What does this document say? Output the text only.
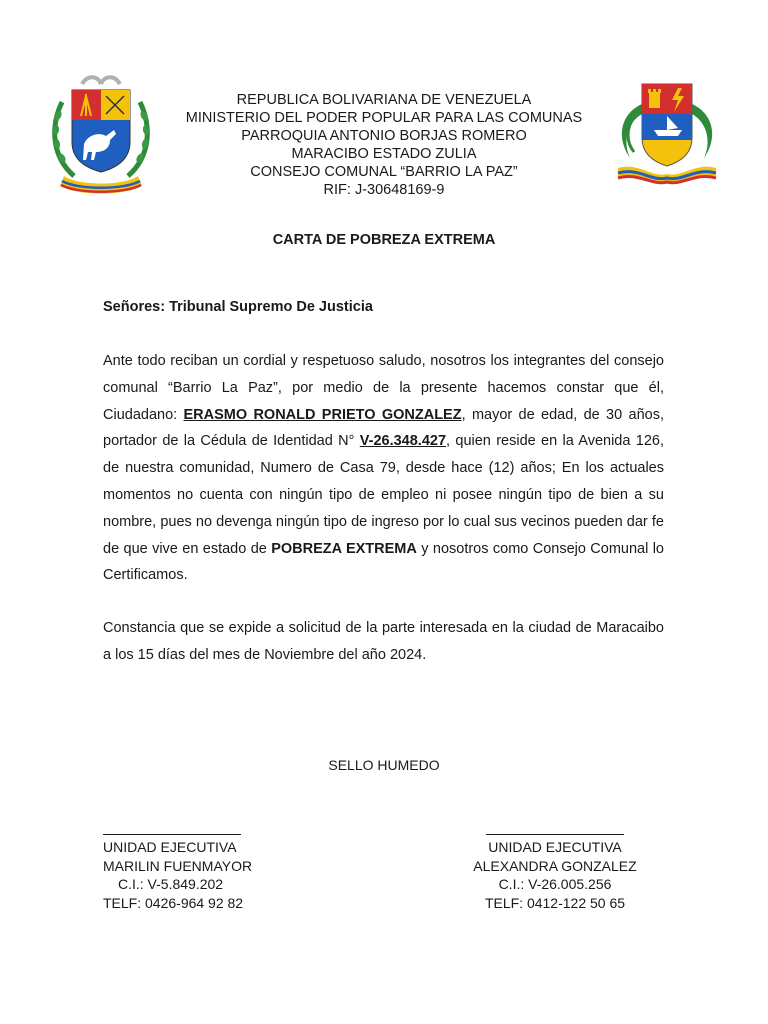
REPUBLICA BOLIVARIANA DE VENEZUELA
MINISTERIO DEL PODER POPULAR PARA LAS COMUNAS
PARROQUIA ANTONIO BORJAS ROMERO
MARACIBO ESTADO ZULIA
CONSEJO COMUNAL “BARRIO LA PAZ”
RIF: J-30648169-9
CARTA DE POBREZA EXTREMA
Señores: Tribunal Supremo De Justicia

Ante todo reciban un cordial y respetuoso saludo, nosotros los integrantes del consejo comunal “Barrio La Paz”, por medio de la presente hacemos constar que él, Ciudadano: ERASMO RONALD PRIETO GONZALEZ, mayor de edad, de 30 años, portador de la Cédula de Identidad N° V-26.348.427, quien reside en la Avenida 126, de nuestra comunidad, Numero de Casa 79, desde hace (12) años; En los actuales momentos no cuenta con ningún tipo de empleo ni posee ningún tipo de bien a su nombre, pues no devenga ningún tipo de ingreso por lo cual sus vecinos pueden dar fe de que vive en estado de POBREZA EXTREMA y nosotros como Consejo Comunal lo Certificamos.

Constancia que se expide a solicitud de la parte interesada en la ciudad de Maracaibo a los 15 días del mes de Noviembre del año 2024.

SELLO HUMEDO
UNIDAD EJECUTIVA
MARILIN FUENMAYOR
C.I.: V-5.849.202
TELF: 0426-964 92 82
UNIDAD EJECUTIVA
ALEXANDRA GONZALEZ
C.I.: V-26.005.256
TELF: 0412-122 50 65
